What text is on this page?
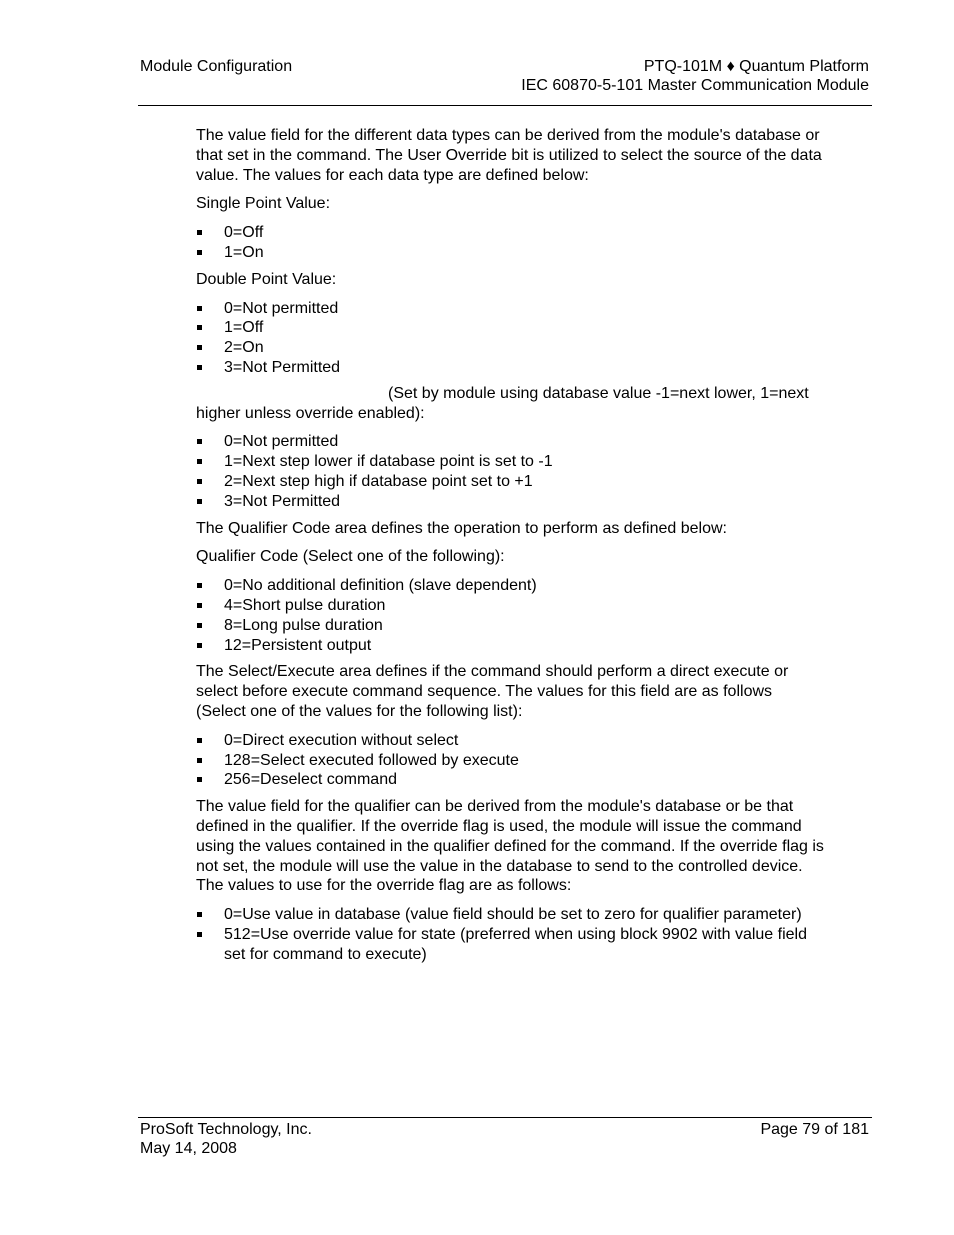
Module Configuration	PTQ-101M ♦ Quantum Platform
IEC 60870-5-101 Master Communication Module

The value field for the different data types can be derived from the module's database or that set in the command. The User Override bit is utilized to select the source of the data value. The values for each data type are defined below:

Single Point Value:

0=Off
1=On

Double Point Value:

0=Not permitted
1=Off
2=On
3=Not Permitted

(Set by module using database value -1=next lower, 1=next higher unless override enabled):

0=Not permitted
1=Next step lower if database point is set to -1
2=Next step high if database point set to +1
3=Not Permitted

The Qualifier Code area defines the operation to perform as defined below:

Qualifier Code (Select one of the following):

0=No additional definition (slave dependent)
4=Short pulse duration
8=Long pulse duration
12=Persistent output

The Select/Execute area defines if the command should perform a direct execute or select before execute command sequence. The values for this field are as follows (Select one of the values for the following list):

0=Direct execution without select
128=Select executed followed by execute
256=Deselect command

The value field for the qualifier can be derived from the module's database or be that defined in the qualifier. If the override flag is used, the module will issue the command using the values contained in the qualifier defined for the command. If the override flag is not set, the module will use the value in the database to send to the controlled device. The values to use for the override flag are as follows:

0=Use value in database (value field should be set to zero for qualifier parameter)
512=Use override value for state (preferred when using block 9902 with value field set for command to execute)
ProSoft Technology, Inc.
May 14, 2008
Page 79 of 181
